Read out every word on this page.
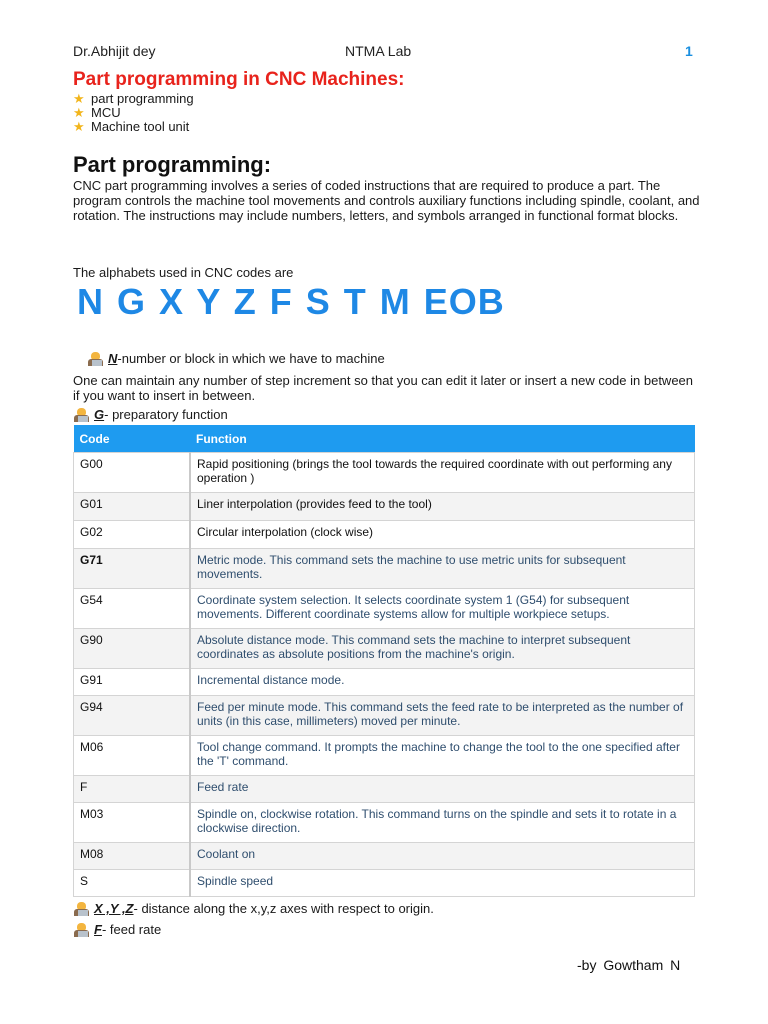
Dr.Abhijit dey	NTMA Lab	1
Part programming in CNC Machines:
★ part programming
★ MCU
★ Machine tool unit
Part programming:
CNC part programming involves a series of coded instructions that are required to produce a part. The program controls the machine tool movements and controls auxiliary functions including spindle, coolant, and rotation. The instructions may include numbers, letters, and symbols arranged in functional format blocks.
The alphabets used in CNC codes are
N G X Y Z F S T M EOB
N -number or block in which we have to machine
One can maintain any number of step increment so that you can edit it later or insert a new code in between if you want to insert in between.
G - preparatory function
Code	Function
G00	Rapid positioning (brings the tool towards the required coordinate with out performing any operation )
G01	Liner interpolation (provides feed to the tool)
G02	Circular interpolation (clock wise)
G71	Metric mode. This command sets the machine to use metric units for subsequent movements.
G54	Coordinate system selection. It selects coordinate system 1 (G54) for subsequent movements. Different coordinate systems allow for multiple workpiece setups.
G90	Absolute distance mode. This command sets the machine to interpret subsequent coordinates as absolute positions from the machine's origin.
G91	Incremental distance mode.
G94	Feed per minute mode. This command sets the feed rate to be interpreted as the number of units (in this case, millimeters) moved per minute.
M06	Tool change command. It prompts the machine to change the tool to the one specified after the 'T' command.
F	Feed rate
M03	Spindle on, clockwise rotation. This command turns on the spindle and sets it to rotate in a clockwise direction.
M08	Coolant on
S	Spindle speed
X ,Y ,Z - distance along the x,y,z axes with respect to origin.
F - feed rate
-by Gowtham N
